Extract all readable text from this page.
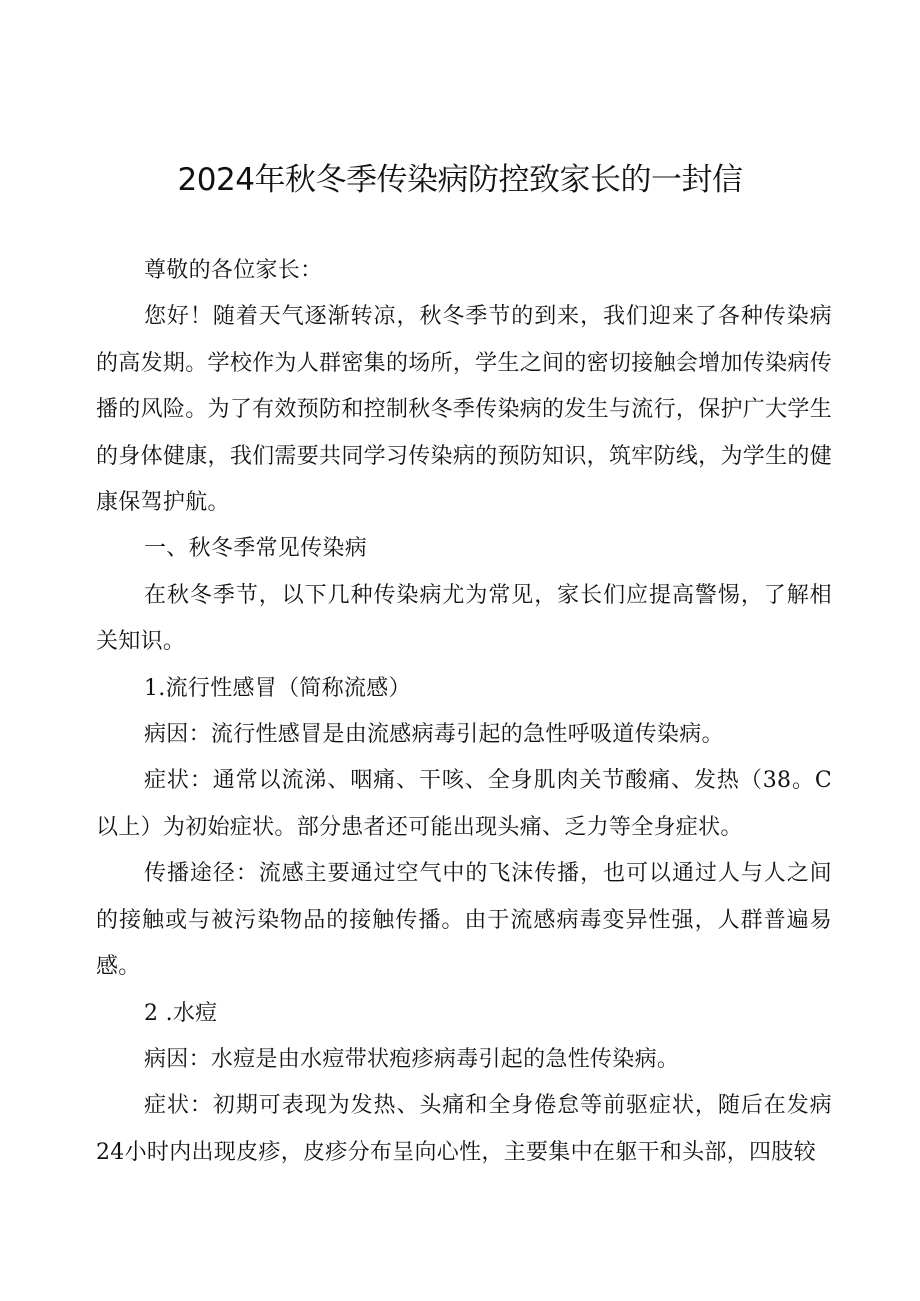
2024年秋冬季传染病防控致家长的一封信

尊敬的各位家长：

您好！随着天气逐渐转凉，秋冬季节的到来，我们迎来了各种传染病的高发期。学校作为人群密集的场所，学生之间的密切接触会增加传染病传播的风险。为了有效预防和控制秋冬季传染病的发生与流行，保护广大学生的身体健康，我们需要共同学习传染病的预防知识，筑牢防线，为学生的健康保驾护航。

一、秋冬季常见传染病

在秋冬季节，以下几种传染病尤为常见，家长们应提高警惕，了解相关知识。

1.流行性感冒（简称流感）

病因：流行性感冒是由流感病毒引起的急性呼吸道传染病。

症状：通常以流涕、咽痛、干咳、全身肌肉关节酸痛、发热（38。C以上）为初始症状。部分患者还可能出现头痛、乏力等全身症状。

传播途径：流感主要通过空气中的飞沫传播，也可以通过人与人之间的接触或与被污染物品的接触传播。由于流感病毒变异性强，人群普遍易感。

2 .水痘

病因：水痘是由水痘带状疱疹病毒引起的急性传染病。

症状：初期可表现为发热、头痛和全身倦怠等前驱症状，随后在发病24小时内出现皮疹，皮疹分布呈向心性，主要集中在躯干和头部，四肢较
